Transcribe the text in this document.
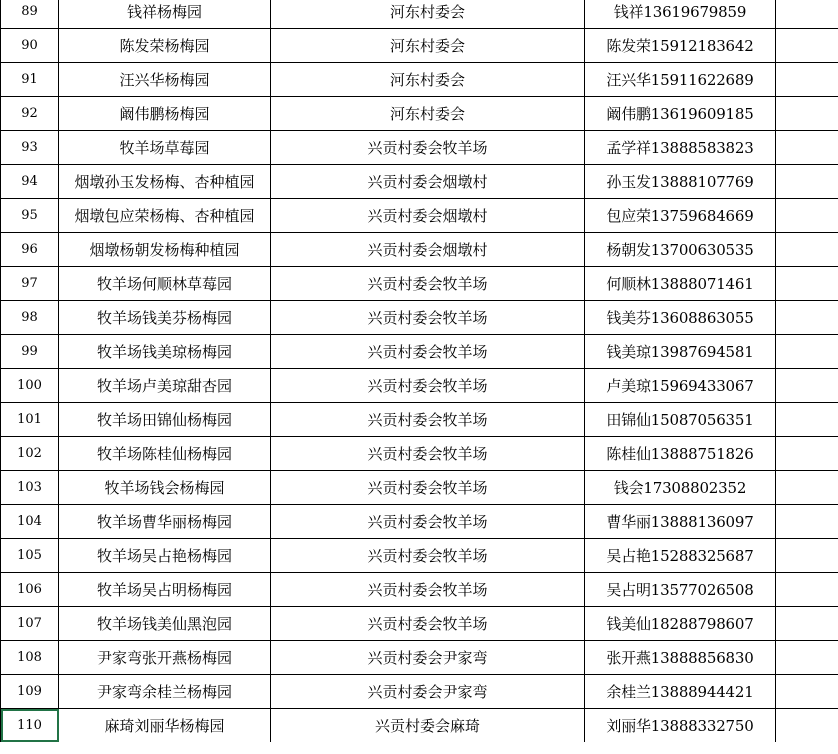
89	钱祥杨梅园	河东村委会	钱祥13619679859	
90	陈发荣杨梅园	河东村委会	陈发荣15912183642	
91	汪兴华杨梅园	河东村委会	汪兴华15911622689	
92	阚伟鹏杨梅园	河东村委会	阚伟鹏13619609185	
93	牧羊场草莓园	兴贡村委会牧羊场	孟学祥13888583823	
94	烟墩孙玉发杨梅、杏种植园	兴贡村委会烟墩村	孙玉发13888107769	
95	烟墩包应荣杨梅、杏种植园	兴贡村委会烟墩村	包应荣13759684669	
96	烟墩杨朝发杨梅种植园	兴贡村委会烟墩村	杨朝发13700630535	
97	牧羊场何顺林草莓园	兴贡村委会牧羊场	何顺林13888071461	
98	牧羊场钱美芬杨梅园	兴贡村委会牧羊场	钱美芬13608863055	
99	牧羊场钱美琼杨梅园	兴贡村委会牧羊场	钱美琼13987694581	
100	牧羊场卢美琼甜杏园	兴贡村委会牧羊场	卢美琼15969433067	
101	牧羊场田锦仙杨梅园	兴贡村委会牧羊场	田锦仙15087056351	
102	牧羊场陈桂仙杨梅园	兴贡村委会牧羊场	陈桂仙13888751826	
103	牧羊场钱会杨梅园	兴贡村委会牧羊场	钱会17308802352	
104	牧羊场曹华丽杨梅园	兴贡村委会牧羊场	曹华丽13888136097	
105	牧羊场吴占艳杨梅园	兴贡村委会牧羊场	吴占艳15288325687	
106	牧羊场吴占明杨梅园	兴贡村委会牧羊场	吴占明13577026508	
107	牧羊场钱美仙黑泡园	兴贡村委会牧羊场	钱美仙18288798607	
108	尹家弯张开燕杨梅园	兴贡村委会尹家弯	张开燕13888856830	
109	尹家弯余桂兰杨梅园	兴贡村委会尹家弯	余桂兰13888944421	
110	麻琦刘丽华杨梅园	兴贡村委会麻琦	刘丽华13888332750	
